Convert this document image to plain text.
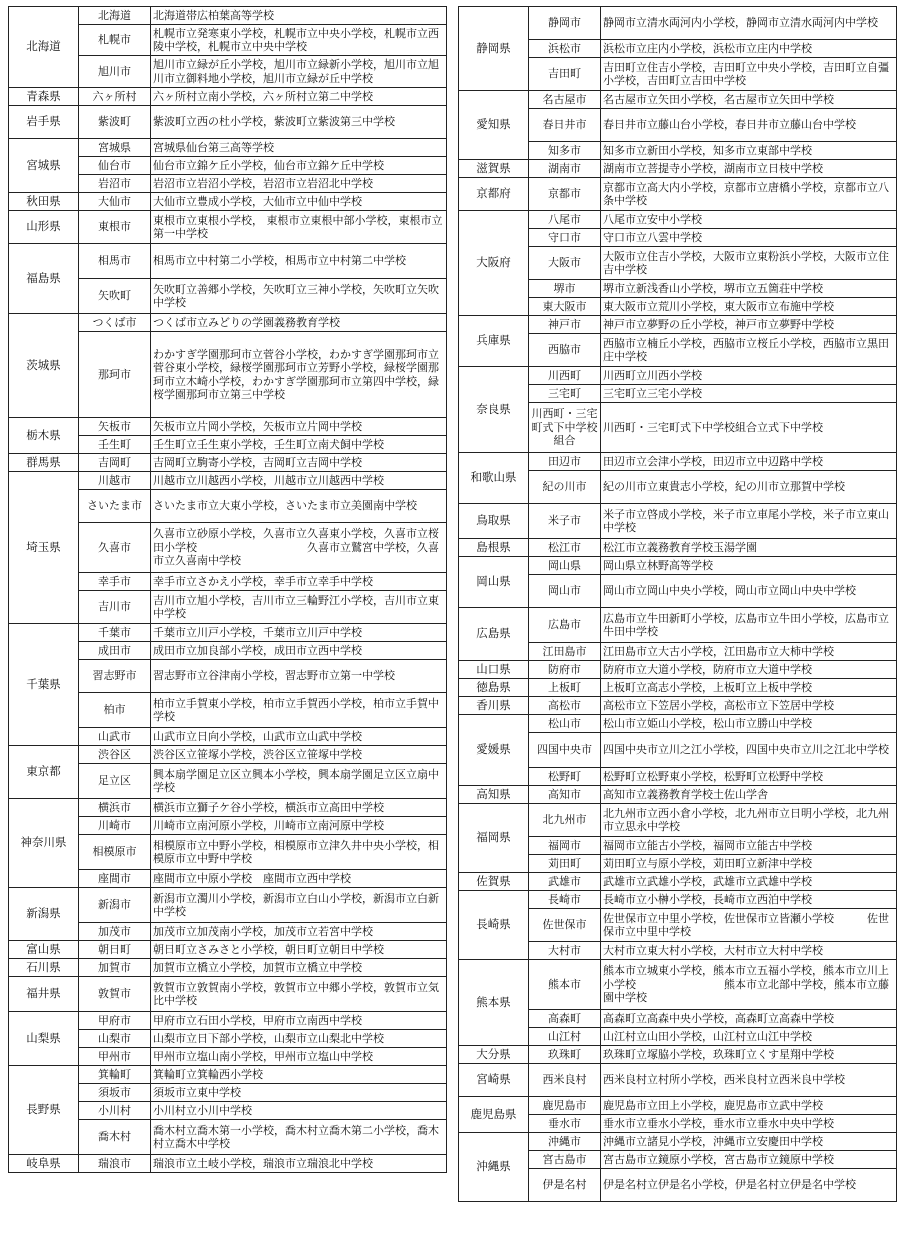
北海道	北海道	北海道帯広柏葉高等学校
	札幌市	札幌市立発寒東小学校，札幌市立中央小学校，札幌市立西陵中学校，札幌市立中央中学校
	旭川市	旭川市立緑が丘小学校，旭川市立緑新小学校，旭川市立旭川市立御料地小学校，旭川市立緑が丘中学校
青森県	六ヶ所村	六ヶ所村立南小学校，六ヶ所村立第二中学校
岩手県	紫波町	紫波町立西の杜小学校，紫波町立紫波第三中学校
宮城県	宮城県	宮城県仙台第三高等学校
	仙台市	仙台市立錦ケ丘小学校，仙台市立錦ケ丘中学校
	岩沼市	岩沼市立岩沼小学校，岩沼市立岩沼北中学校
秋田県	大仙市	大仙市立豊成小学校，大仙市立中仙中学校
山形県	東根市	東根市立東根小学校， 東根市立東根中部小学校，東根市立第一中学校
福島県	相馬市	相馬市立中村第二小学校，相馬市立中村第二中学校
	矢吹町	矢吹町立善郷小学校，矢吹町立三神小学校，矢吹町立矢吹中学校
茨城県	つくば市	つくば市立みどりの学園義務教育学校
	那珂市	わかすぎ学園那珂市立菅谷小学校，わかすぎ学園那珂市立菅谷東小学校，緑桜学園那珂市立芳野小学校，緑桜学園那珂市立木崎小学校，わかすぎ学園那珂市立第四中学校，緑桜学園那珂市立第三中学校
栃木県	矢板市	矢板市立片岡小学校，矢板市立片岡中学校
	壬生町	壬生町立壬生東小学校，壬生町立南犬飼中学校
群馬県	吉岡町	吉岡町立駒寄小学校，吉岡町立吉岡中学校
埼玉県	川越市	川越市立川越西小学校，川越市立川越西中学校
	さいたま市	さいたま市立大東小学校，さいたま市立美園南中学校
	久喜市	久喜市立砂原小学校，久喜市立久喜東小学校，久喜市立桜田小学校　　　　　　　　　　久喜市立鷲宮中学校，久喜市立久喜南中学校
	幸手市	幸手市立さかえ小学校，幸手市立幸手中学校
	吉川市	吉川市立旭小学校，吉川市立三輪野江小学校，吉川市立東中学校
千葉県	千葉市	千葉市立川戸小学校，千葉市立川戸中学校
	成田市	成田市立加良部小学校，成田市立西中学校
	習志野市	習志野市立谷津南小学校，習志野市立第一中学校
	柏市	柏市立手賀東小学校，柏市立手賀西小学校，柏市立手賀中学校
	山武市	山武市立日向小学校，山武市立山武中学校
東京都	渋谷区	渋谷区立笹塚小学校，渋谷区立笹塚中学校
	足立区	興本扇学園足立区立興本小学校，興本扇学園足立区立扇中学校
神奈川県	横浜市	横浜市立獅子ケ谷小学校，横浜市立高田中学校
	川崎市	川崎市立南河原小学校，川崎市立南河原中学校
	相模原市	相模原市立中野小学校，相模原市立津久井中央小学校，相模原市立中野中学校
	座間市	座間市立中原小学校　座間市立西中学校
新潟県	新潟市	新潟市立濁川小学校，新潟市立白山小学校，新潟市立白新中学校
	加茂市	加茂市立加茂南小学校，加茂市立若宮中学校
富山県	朝日町	朝日町立さみさと小学校，朝日町立朝日中学校
石川県	加賀市	加賀市立橋立小学校，加賀市立橋立中学校
福井県	敦賀市	敦賀市立敦賀南小学校，敦賀市立中郷小学校，敦賀市立気比中学校
山梨県	甲府市	甲府市立石田小学校，甲府市立南西中学校
	山梨市	山梨市立日下部小学校，山梨市立山梨北中学校
	甲州市	甲州市立塩山南小学校，甲州市立塩山中学校
長野県	箕輪町	箕輪町立箕輪西小学校
	須坂市	須坂市立東中学校
	小川村	小川村立小川中学校
	喬木村	喬木村立喬木第一小学校，喬木村立喬木第二小学校，喬木村立喬木中学校
岐阜県	瑞浪市	瑞浪市立土岐小学校，瑞浪市立瑞浪北中学校
静岡県	静岡市	静岡市立清水両河内小学校，静岡市立清水両河内中学校
	浜松市	浜松市立庄内小学校，浜松市立庄内中学校
	吉田町	吉田町立住吉小学校，吉田町立中央小学校，吉田町立自彊小学校，吉田町立吉田中学校
愛知県	名古屋市	名古屋市立矢田小学校，名古屋市立矢田中学校
	春日井市	春日井市立藤山台小学校，春日井市立藤山台中学校
	知多市	知多市立新田小学校，知多市立東部中学校
滋賀県	湖南市	湖南市立菩提寺小学校，湖南市立日枝中学校
京都府	京都市	京都市立高大内小学校，京都市立唐橋小学校，京都市立八条中学校
大阪府	八尾市	八尾市立安中小学校
	守口市	守口市立八雲中学校
	大阪市	大阪市立住吉小学校，大阪市立東粉浜小学校，大阪市立住吉中学校
	堺市	堺市立新浅香山小学校，堺市立五箇荘中学校
	東大阪市	東大阪市立荒川小学校，東大阪市立布施中学校
兵庫県	神戸市	神戸市立夢野の丘小学校，神戸市立夢野中学校
	西脇市	西脇市立楠丘小学校，西脇市立桜丘小学校，西脇市立黒田庄中学校
奈良県	川西町	川西町立川西小学校
	三宅町	三宅町立三宅小学校
	川西町・三宅町式下中学校組合	川西町・三宅町式下中学校組合立式下中学校
和歌山県	田辺市	田辺市立会津小学校，田辺市立中辺路中学校
	紀の川市	紀の川市立東貴志小学校，紀の川市立那賀中学校
鳥取県	米子市	米子市立啓成小学校，米子市立車尾小学校，米子市立東山中学校
島根県	松江市	松江市立義務教育学校玉湯学園
岡山県	岡山県	岡山県立林野高等学校
	岡山市	岡山市立岡山中央小学校，岡山市立岡山中央中学校
広島県	広島市	広島市立牛田新町小学校，広島市立牛田小学校，広島市立牛田中学校
	江田島市	江田島市立大古小学校，江田島市立大柿中学校
山口県	防府市	防府市立大道小学校，防府市立大道中学校
徳島県	上板町	上板町立高志小学校，上板町立上板中学校
香川県	高松市	高松市立下笠居小学校，高松市立下笠居中学校
愛媛県	松山市	松山市立姫山小学校，松山市立勝山中学校
	四国中央市	四国中央市立川之江小学校，四国中央市立川之江北中学校
	松野町	松野町立松野東小学校，松野町立松野中学校
高知県	高知市	高知市立義務教育学校土佐山学舎
福岡県	北九州市	北九州市立西小倉小学校，北九州市立日明小学校，北九州市立思永中学校
	福岡市	福岡市立能古小学校，福岡市立能古中学校
	苅田町	苅田町立与原小学校，苅田町立新津中学校
佐賀県	武雄市	武雄市立武雄小学校，武雄市立武雄中学校
長崎県	長崎市	長崎市立小榊小学校，長崎市立西泊中学校
	佐世保市	佐世保市立中里小学校，佐世保市立皆瀬小学校　　　佐世保市立中里中学校
	大村市	大村市立東大村小学校，大村市立大村中学校
熊本県	熊本市	熊本市立城東小学校，熊本市立五福小学校，熊本市立川上小学校　　　　　　　　熊本市立北部中学校，熊本市立藤園中学校
	高森町	高森町立高森中央小学校，高森町立高森中学校
	山江村	山江村立山田小学校，山江村立山江中学校
大分県	玖珠町	玖珠町立塚脇小学校，玖珠町立くす星翔中学校
宮崎県	西米良村	西米良村立村所小学校，西米良村立西米良中学校
鹿児島県	鹿児島市	鹿児島市立田上小学校，鹿児島市立武中学校
	垂水市	垂水市立垂水小学校，垂水市立垂水中央中学校
沖縄県	沖縄市	沖縄市立諸見小学校，沖縄市立安慶田中学校
	宮古島市	宮古島市立鏡原小学校，宮古島市立鏡原中学校
	伊是名村	伊是名村立伊是名小学校，伊是名村立伊是名中学校
